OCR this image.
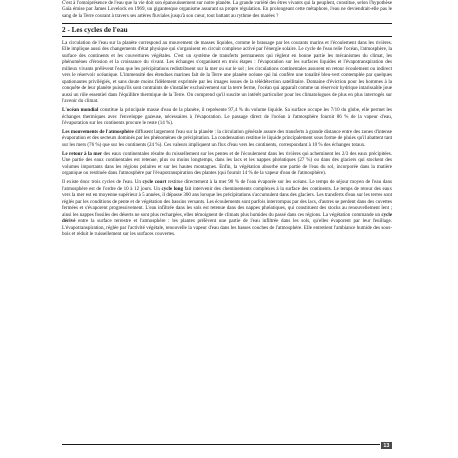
C'est à l'omniprésence de l'eau que la vie doit son épanouissement sur notre planète. La grande variété des êtres vivants qui la peuplent, constitue, selon l'hypothèse Gaïa émise par James Lovelock en 1969, un gigantesque organisme assurant sa propre régulation. En prolongeant cette métaphore, l'eau ne deviendrait-elle pas le sang de la Terre courant à travers ses artères fluviales jusqu'à son cœur, tout battant au rythme des marées ?

2 - Les cycles de l'eau

La circulation de l'eau sur la planète correspond au mouvement de masses liquides, comme le brassage par les courants marins et l'écoulement dans les rivières. Elle implique aussi des changements d'état physique qui s'organisent en circuit complexe activé par l'énergie solaire. Le cycle de l'eau relie l'océan, l'atmosphère, la surface des continents et les couvertures végétales. C'est un système de transferts permanents qui règlent en bonne partie les mécanismes du climat, les phénomènes d'érosion et la croissance du vivant. Les échanges s'organisent en trois étapes : l'évaporation sur les surfaces liquides et l'évapotranspiration des milieux vivants prélèvent l'eau que les précipitations redistribuent sur la mer ou sur le sol ; les circulations continentales assurent en retour écoulement ou indirect vers le réservoir océanique. L'immensité des étendues marines fait de la Terre une planète océane qui lui confère une tonalité bleu-vert contemplée par quelques spationautes privilégiés, et sans doute moins fidèlement exprimée par les images issues de la télédétection satellitaire. Domaine d'éviction pour les hommes à la conquête de leur planète puisqu'ils sont contraints de s'installer exclusivement sur la terre ferme, l'océan qui apparaît comme un réservoir hydrique intarissable joue aussi un rôle essentiel dans l'équilibre thermique de la Terre. On comprend qu'il suscite un intérêt particulier pour les climatologues de plus en plus interrogés sur l'avenir du climat.

L'océan mondial constitue la principale masse d'eau de la planète, il représente 97,4 % du volume liquide. Sa surface occupe les 7/10 du globe, elle permet les échanges thermiques avec l'enveloppe gazeuse, nécessaires à l'évaporation. Le passage direct de l'océan à l'atmosphère fournit 86 % de la vapeur d'eau, l'évaporation sur les continents procure le reste (14 %).

Les mouvements de l'atmosphère diffusent largement l'eau sur la planète : la circulation générale assure des transferts à grande distance entre des zones d'intense évaporation et des secteurs dominés par les phénomènes de précipitation. La condensation restitue le liquide principalement sous forme de pluies qu'il abattent tant sur les mers (76 %) que sur les continents (24 %). Ces valeurs impliquent un flux d'eau vers les continents, correspondant à 10 % des échanges totaux.

Le retour à la mer des eaux continentales résulte du ruissellement sur les pentes et de l'écoulement dans les rivières qui acheminent les 2/3 des eaux précipitées. Une partie des eaux continentales est retenue, plus ou moins longtemps, dans les lacs et les nappes phréatiques (27 %) ou dans des glaciers qui stockent des volumes importants dans les régions polaires et sur les hautes montagnes. Enfin, la végétation absorbe une partie de l'eau du sol, incorporée dans la matière organique ou restituée dans l'atmosphère par l'évapotranspiration des plantes (qui fournit 14 % de la vapeur d'eau de l'atmosphère).

Il existe donc trois cycles de l'eau. Un cycle court restitue directement à la mer 90 % de l'eau évaporée sur les océans. Le temps de séjour moyen de l'eau dans l'atmosphère est de l'ordre de 10 à 12 jours. Un cycle long fait intervenir des cheminements complexes à la surface des continents. Le temps de retour des eaux vers la mer est en moyenne supérieur à 5 années, il dépasse 300 ans lorsque les précipitations s'accumulent dans des glaciers. Les transferts d'eau sur les terres sont réglés par les conditions de pente et de végétation des bassins versants. Les écoulements sont parfois interrompus par des lacs, d'autres se perdent dans des cuvettes fermées et s'évaporent progressivement. L'eau infiltrée dans les sols est retenue dans des nappes phréatiques, qui constituent des stocks au renouvellement lent ; ainsi les nappes fossiles des déserts ne sont plus rechargées, elles témoignent de climats plus humides du passé dans ces régions. La végétation commande un cycle dérivé entre la surface terrestre et l'atmosphère : les plantes prélèvent une partie de l'eau infiltrée dans les sols, qu'elles évaporent par leur feuillage. L'évapotranspiration, réglée par l'activité végétale, renouvelle la vapeur d'eau dans les basses couches de l'atmosphère. Elle entretient l'ambiance humide des sous-bois et réduit le ruissellement sur les surfaces couvertes.

13
